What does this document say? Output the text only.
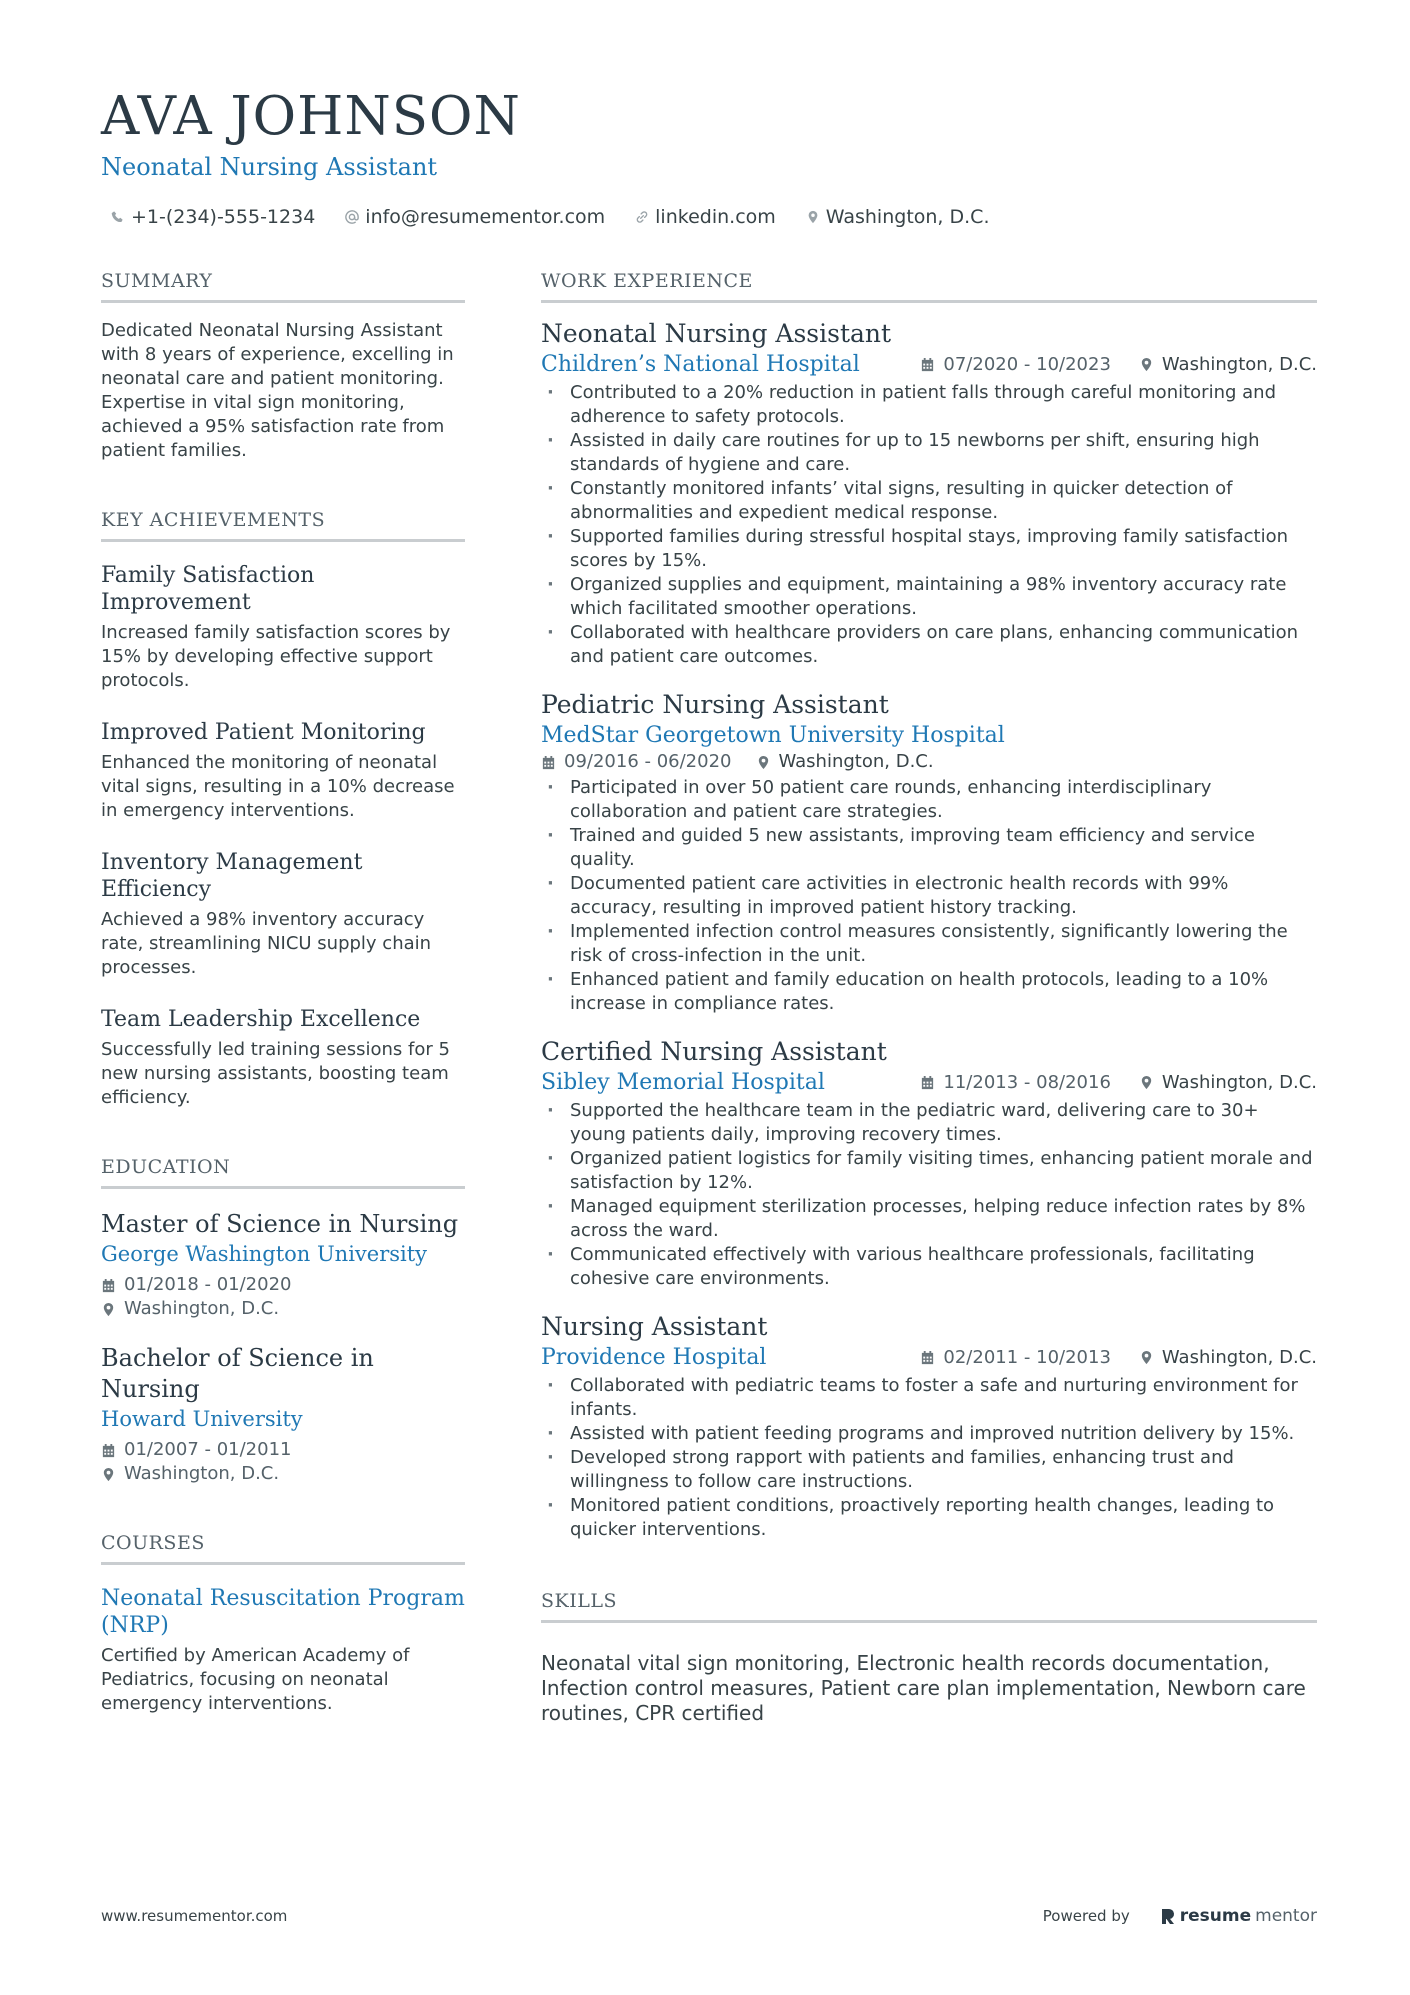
AVA JOHNSON
Neonatal Nursing Assistant
+1-(234)-555-1234	info@resumementor.com	linkedin.com	Washington, D.C.
SUMMARY
Dedicated Neonatal Nursing Assistant with 8 years of experience, excelling in neonatal care and patient monitoring. Expertise in vital sign monitoring, achieved a 95% satisfaction rate from patient families.
KEY ACHIEVEMENTS
Family Satisfaction Improvement
Increased family satisfaction scores by 15% by developing effective support protocols.
Improved Patient Monitoring
Enhanced the monitoring of neonatal vital signs, resulting in a 10% decrease in emergency interventions.
Inventory Management Efficiency
Achieved a 98% inventory accuracy rate, streamlining NICU supply chain processes.
Team Leadership Excellence
Successfully led training sessions for 5 new nursing assistants, boosting team efficiency.
EDUCATION
Master of Science in Nursing
George Washington University
01/2018 - 01/2020
Washington, D.C.
Bachelor of Science in Nursing
Howard University
01/2007 - 01/2011
Washington, D.C.
COURSES
Neonatal Resuscitation Program (NRP)
Certified by American Academy of Pediatrics, focusing on neonatal emergency interventions.
WORK EXPERIENCE
Neonatal Nursing Assistant
Children’s National Hospital	07/2020 - 10/2023	Washington, D.C.
· Contributed to a 20% reduction in patient falls through careful monitoring and adherence to safety protocols.
· Assisted in daily care routines for up to 15 newborns per shift, ensuring high standards of hygiene and care.
· Constantly monitored infants’ vital signs, resulting in quicker detection of abnormalities and expedient medical response.
· Supported families during stressful hospital stays, improving family satisfaction scores by 15%.
· Organized supplies and equipment, maintaining a 98% inventory accuracy rate which facilitated smoother operations.
· Collaborated with healthcare providers on care plans, enhancing communication and patient care outcomes.
Pediatric Nursing Assistant
MedStar Georgetown University Hospital
09/2016 - 06/2020	Washington, D.C.
· Participated in over 50 patient care rounds, enhancing interdisciplinary collaboration and patient care strategies.
· Trained and guided 5 new assistants, improving team efficiency and service quality.
· Documented patient care activities in electronic health records with 99% accuracy, resulting in improved patient history tracking.
· Implemented infection control measures consistently, significantly lowering the risk of cross-infection in the unit.
· Enhanced patient and family education on health protocols, leading to a 10% increase in compliance rates.
Certified Nursing Assistant
Sibley Memorial Hospital	11/2013 - 08/2016	Washington, D.C.
· Supported the healthcare team in the pediatric ward, delivering care to 30+ young patients daily, improving recovery times.
· Organized patient logistics for family visiting times, enhancing patient morale and satisfaction by 12%.
· Managed equipment sterilization processes, helping reduce infection rates by 8% across the ward.
· Communicated effectively with various healthcare professionals, facilitating cohesive care environments.
Nursing Assistant
Providence Hospital	02/2011 - 10/2013	Washington, D.C.
· Collaborated with pediatric teams to foster a safe and nurturing environment for infants.
· Assisted with patient feeding programs and improved nutrition delivery by 15%.
· Developed strong rapport with patients and families, enhancing trust and willingness to follow care instructions.
· Monitored patient conditions, proactively reporting health changes, leading to quicker interventions.
SKILLS
Neonatal vital sign monitoring, Electronic health records documentation, Infection control measures, Patient care plan implementation, Newborn care routines, CPR certified
www.resumementor.com	Powered by	resume mentor
